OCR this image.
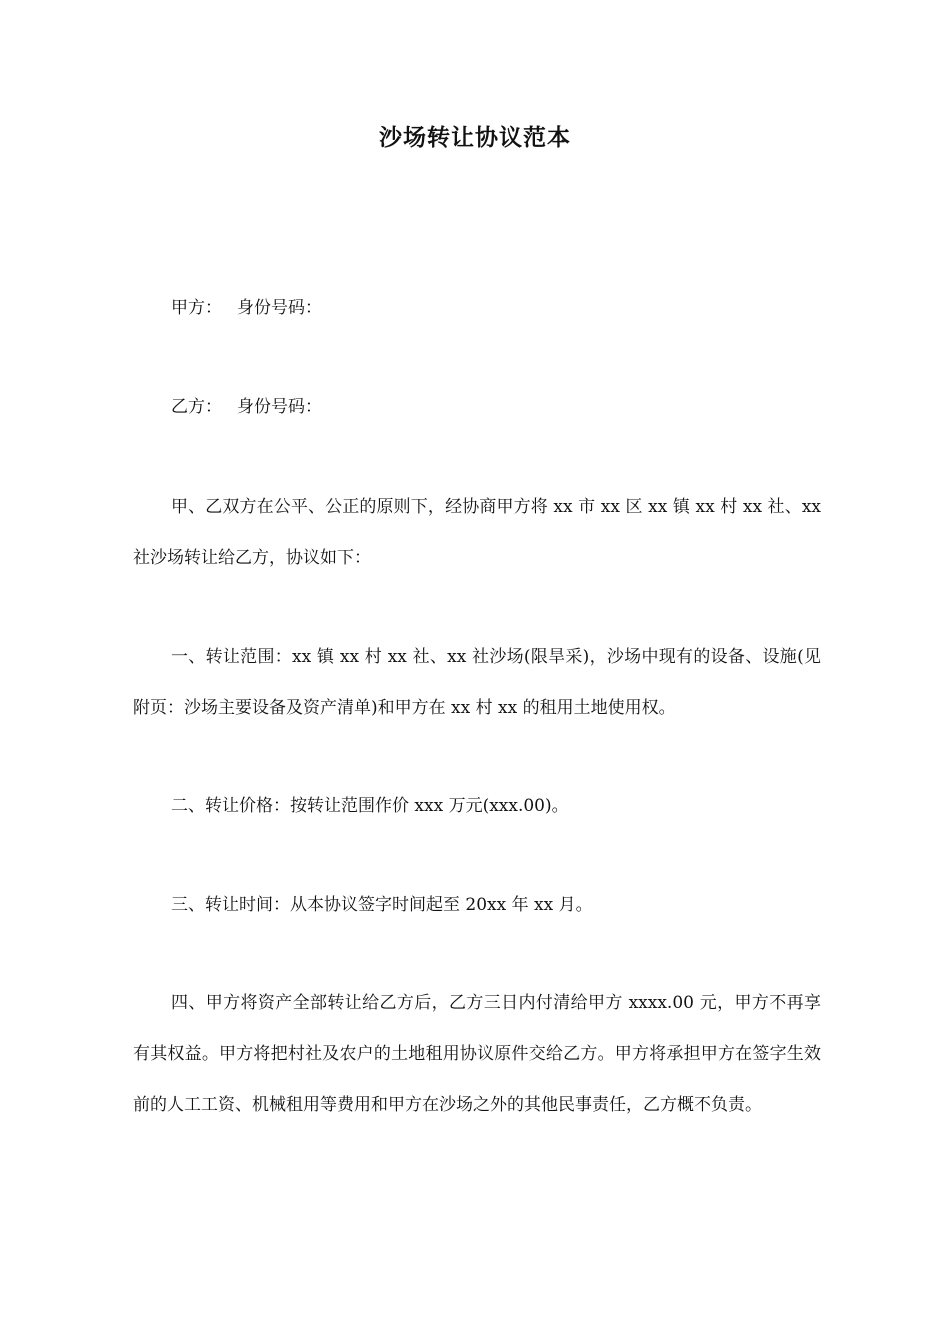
沙场转让协议范本
甲方： 身份号码：
乙方： 身份号码：

甲、乙双方在公平、公正的原则下，经协商甲方将 xx 市 xx 区 xx 镇 xx 村 xx 社、xx 社沙场转让给乙方，协议如下：

一、转让范围：xx 镇 xx 村 xx 社、xx 社沙场(限旱采)，沙场中现有的设备、设施(见附页：沙场主要设备及资产清单)和甲方在 xx 村 xx 的租用土地使用权。

二、转让价格：按转让范围作价 xxx 万元(xxx.00)。

三、转让时间：从本协议签字时间起至 20xx 年 xx 月。

四、甲方将资产全部转让给乙方后，乙方三日内付清给甲方 xxxx.00 元，甲方不再享有其权益。甲方将把村社及农户的土地租用协议原件交给乙方。甲方将承担甲方在签字生效前的人工工资、机械租用等费用和甲方在沙场之外的其他民事责任，乙方概不负责。
